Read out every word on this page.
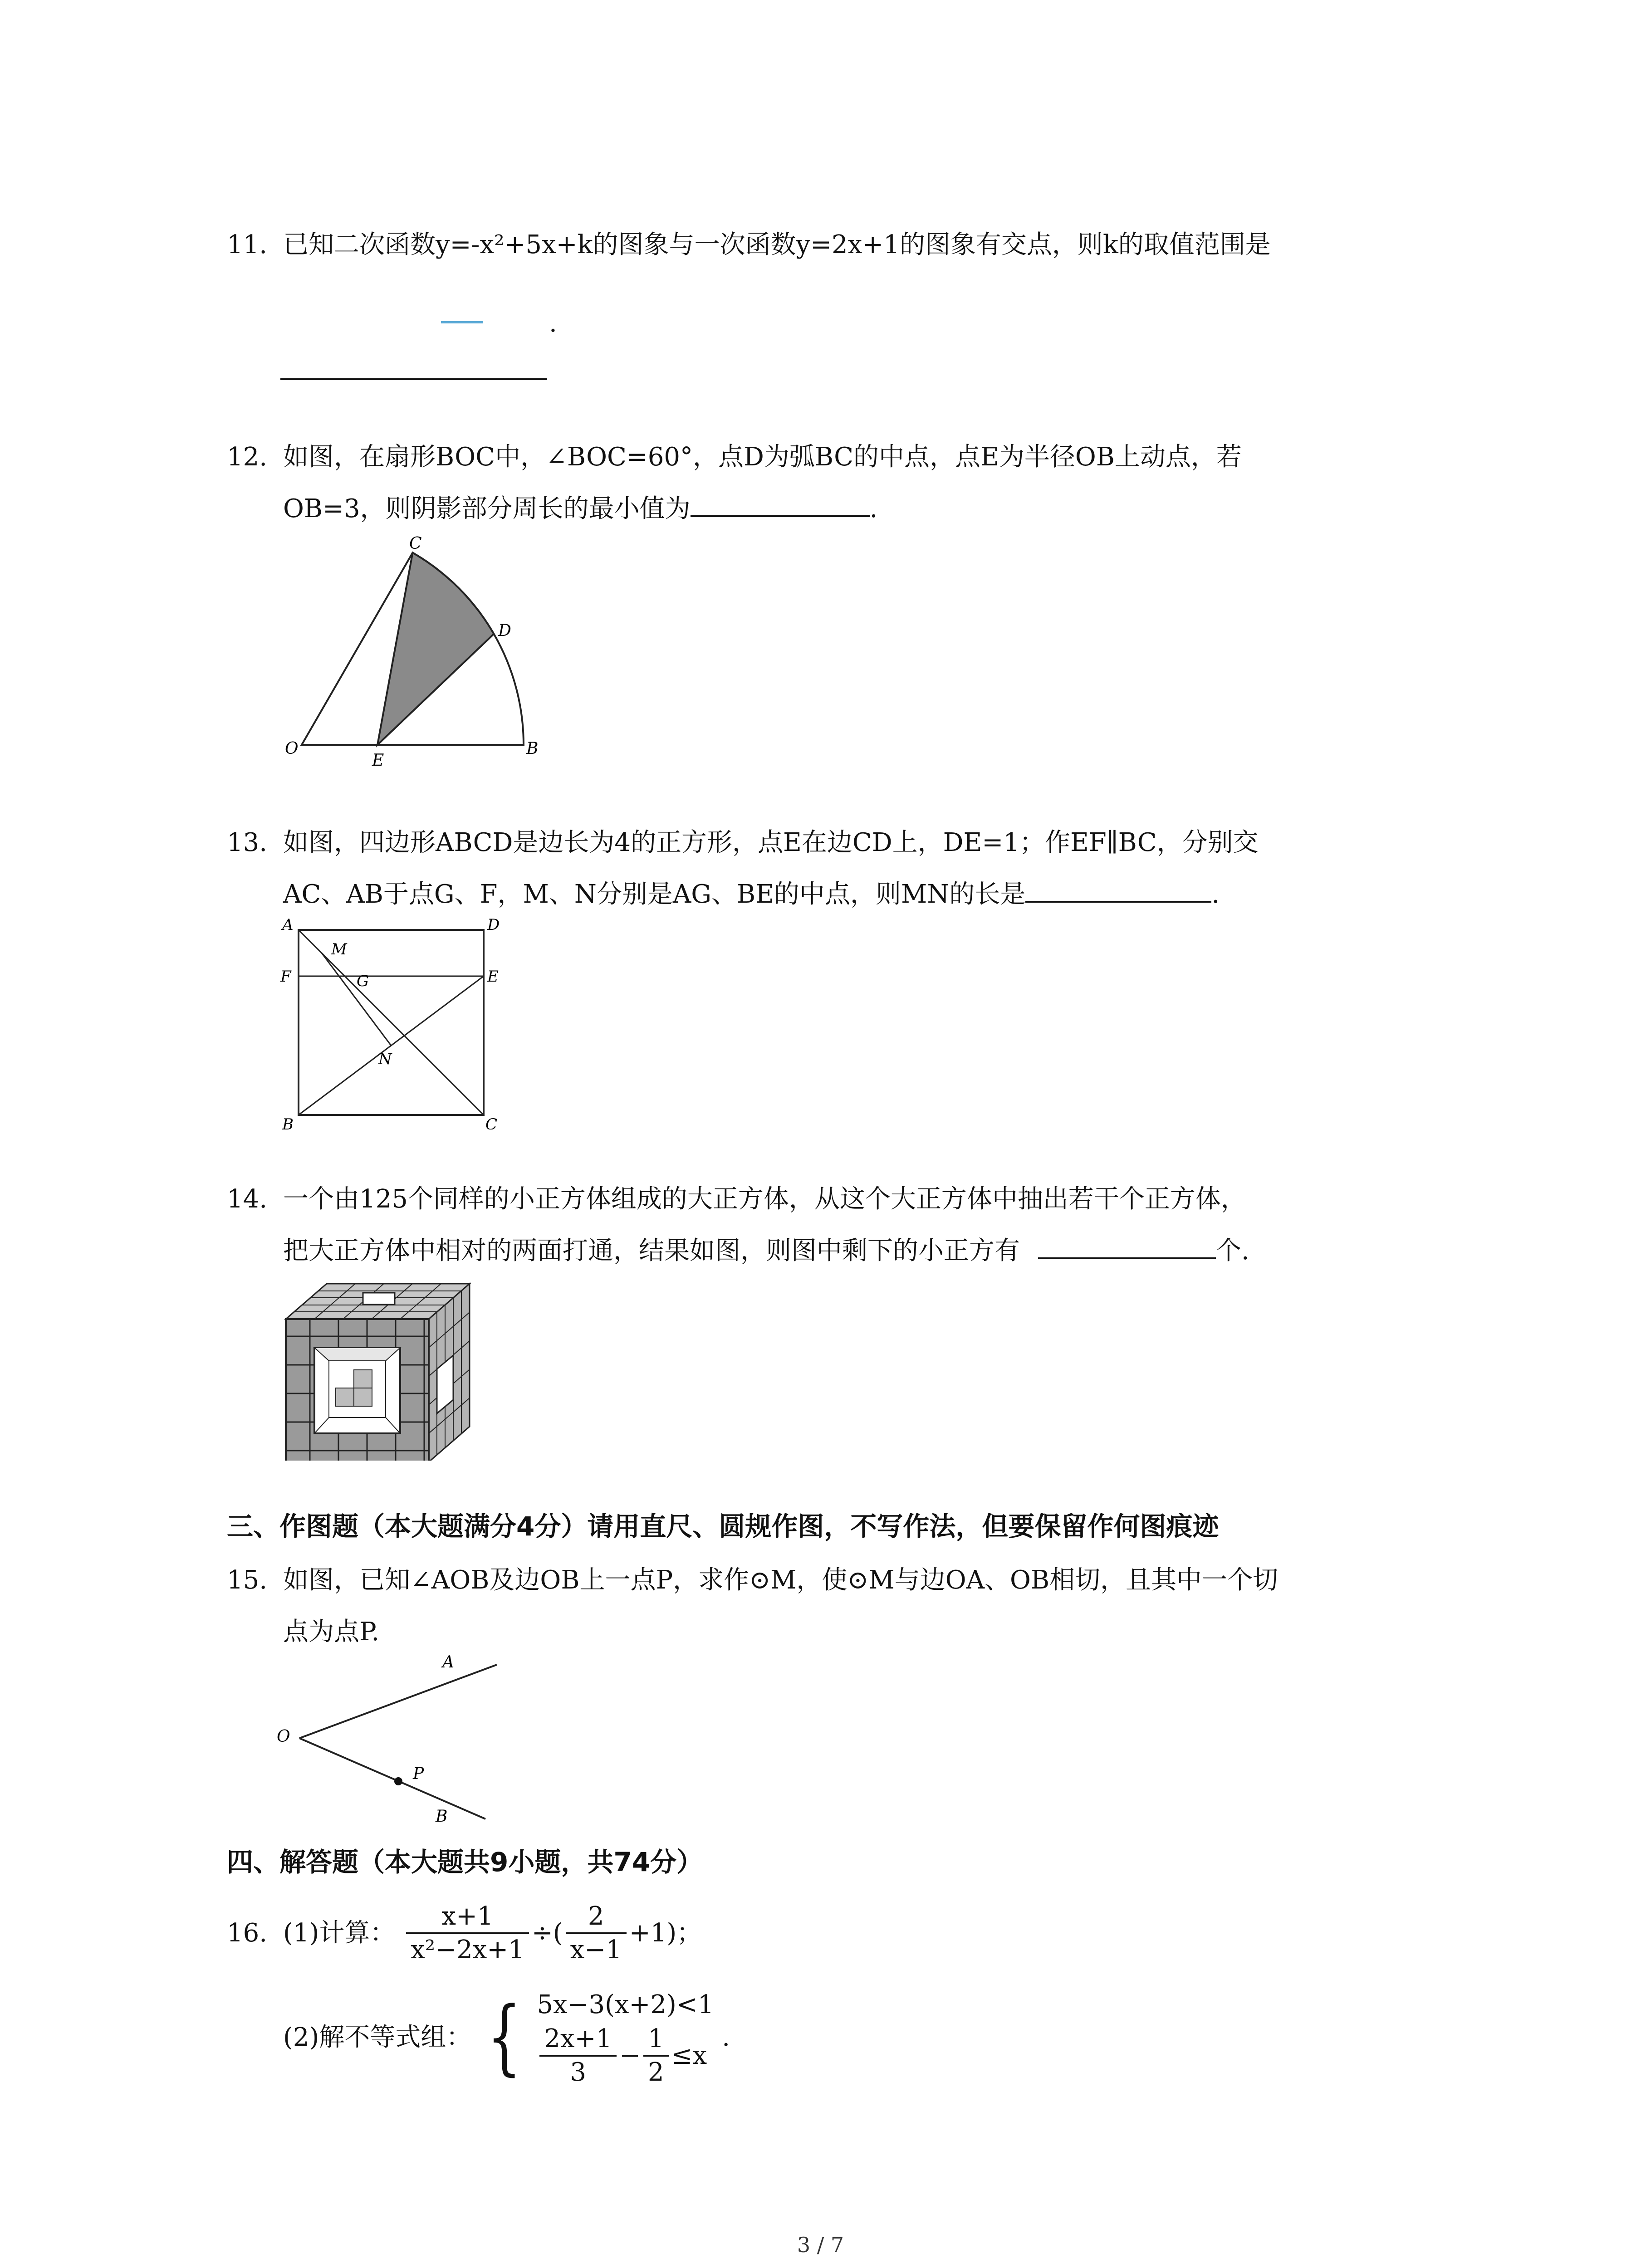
11. 已知二次函数y=-x²+5x+k的图象与一次函数y=2x+1的图象有交点，则k的取值范围是
.
12. 如图，在扇形BOC中，∠BOC=60°，点D为弧BC的中点，点E为半径OB上动点，若
OB=3，则阴影部分周长的最小值为	.
C
D
O
E
B
13. 如图，四边形ABCD是边长为4的正方形，点E在边CD上，DE=1；作EF∥BC，分别交
AC、AB于点G、F，M、N分别是AG、BE的中点，则MN的长是	.
A	D
M
G
F	E
N
B	C
14. 一个由125个同样的小正方体组成的大正方体，从这个大正方体中抽出若干个正方体，
把大正方体中相对的两面打通，结果如图，则图中剩下的小正方有	个.
三、作图题（本大题满分4分）请用直尺、圆规作图，不写作法，但要保留作何图痕迹
15. 如图，已知∠AOB及边OB上一点P，求作⊙M，使⊙M与边OA、OB相切，且其中一个切
点为点P.
A
O
P
B
四、解答题（本大题共9小题，共74分）
16. (1)计算： $\frac{x+1}{\text{x²−2x+1}}$ ÷( $\frac{2}{x-1} +1$)；
(2)解不等式组： { 5x−3(x+2)<1
$\frac{2x+1}{3} - \frac{1}{2} \le x$
.
3 / 7
